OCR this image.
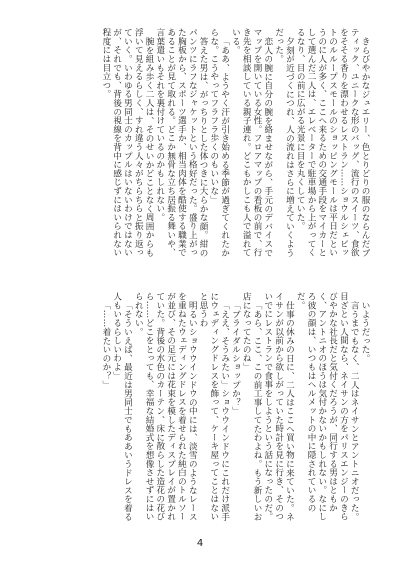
きらびやかなジュエリー、色とりどりの服のならんだブティック、ユニークな形のバッグ、流行のスイーツ、食欲をそそる香りを漂わせるレストラン……ショウルシェビットのルループスモールのショッピングモールは平日だというのに人が多く、ここへ来るための交通手段をマイカーとして選んだ二人は、エレベーターで駐車場から上がってくるなり、目の前に広がる光景に目を丸くしていた。

夕刻が近づくにつれ、人の流れはさらに増えていくようだった。

恋人の腕に自分の腕を絡ませながら、手元のデバイスでマップを開いている女性。フロアマップの看板の前で、行き先を相談している親子連れ。どこもかしこも人で溢れている。

「ああ、ようやく汗が引き始める季節が過ぎてくれたからな。こうやってフラフラ歩くのもいいな」

答えた男は、がっちりとした体つきに大らかな顔。紺のパンツにラフなジャケットという格好だった。盛り上がった胸板から、スポーツ選手か、相当肉体を酷使する職業であることが見て取れる。どこか無骨な立ち居振る舞いや、言葉遣いもそれを裏付けているのかもしれない。

腕を組み歩く二人は、そのせいかどことなく周囲からも浮いて見えるらしく、すれ違う人々がちらちらと振り返っていく。いわゆる男同士のカップルはいないわけではないが、それでも、背後の視線を背中に感じずにはいられない程度には目立つ。

いようだった。

言うまでもなく、二人はネイサンとアントニオだった。目ざとい人間なら、ネイサンの方をパリスエンジーのきらびやかな社長だと気付くだろうが、同行する男はともかく、アントニオのほうは気付かないかもしれない。なにしろ彼の顔は、いつもはヘルメットの中に隠されているのだ。

仕事の休みの日に、二人はここへ買い物に来ていた。ネイサンが以前から欲しがっていた時計を見に行き、そのついでにレストランで食事をしようという話になったのだ。

「あら、ここ、この前工事してたわよね。もう新しいお店になってたのね」

「ブライダルショップか？」

「ええ、そうみたい」ショウウインドウにこれだけ派手にウェディングドレスを飾って、ケーキ屋ってことはないと思うわ

明るいショウウインドウの中には、淡雪のようなレースを重ねたウェディングドレスを着せられた純白のトルソーが並び、その足元には花束を模したディスプレイが置かれていた。背後の水色のカーテン、床に散らした造花の花びら……どこをとっても、幸福な結婚式を想像させずにはいられない。

「そういえば、最近は男同士でもああいうドレスを着る人もいるらしいわよ」

「……着たいのか？」

4
